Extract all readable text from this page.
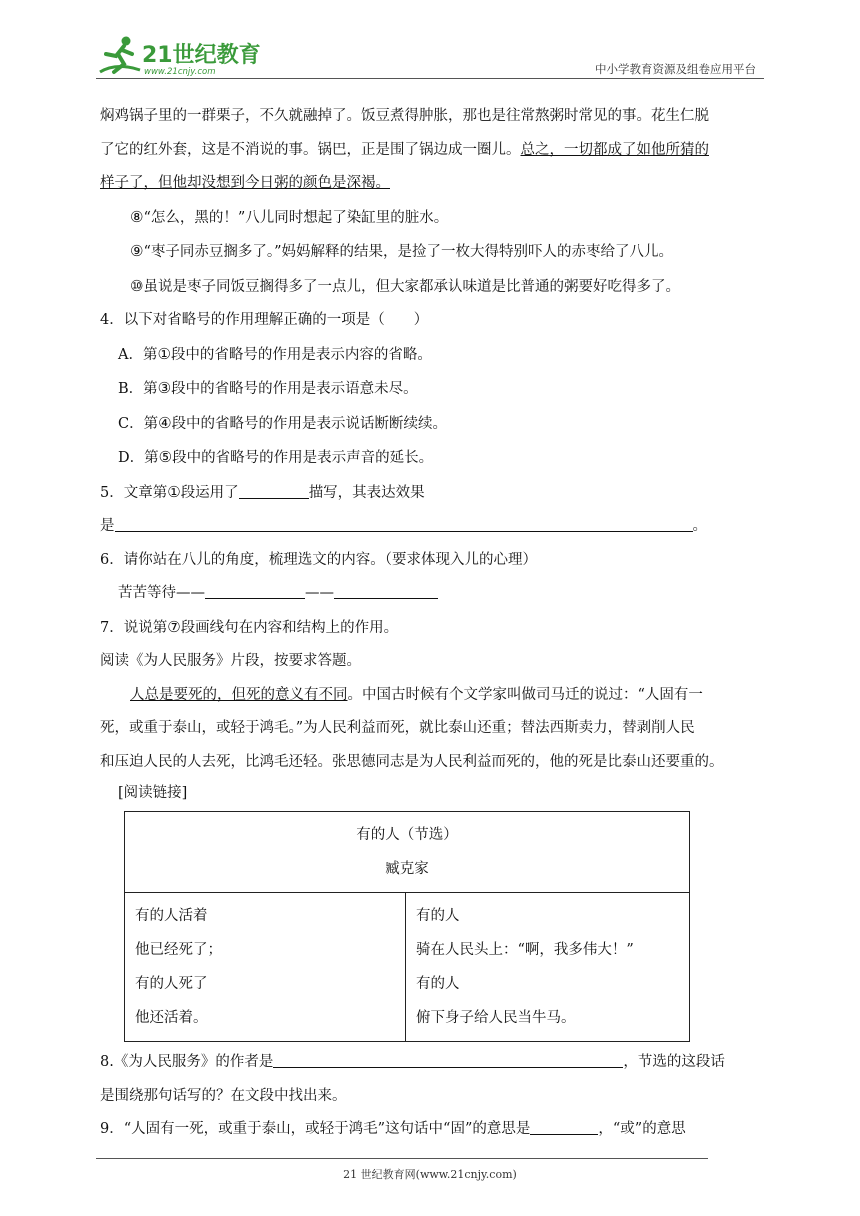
21世纪教育
www.21cnjy.com	中小学教育资源及组卷应用平台

焖鸡锅子里的一群栗子，不久就融掉了。饭豆煮得肿胀，那也是往常熬粥时常见的事。花生仁脱

了它的红外套，这是不消说的事。锅巴，正是围了锅边成一圈儿。总之，一切都成了如他所猜的

样子了，但他却没想到今日粥的颜色是深褐。

⑧“怎么，黑的！”八儿同时想起了染缸里的脏水。

⑨“枣子同赤豆搁多了。”妈妈解释的结果，是捡了一枚大得特别吓人的赤枣给了八儿。

⑩虽说是枣子同饭豆搁得多了一点儿，但大家都承认味道是比普通的粥要好吃得多了。

4．以下对省略号的作用理解正确的一项是（　　）

A．第①段中的省略号的作用是表示内容的省略。

B．第③段中的省略号的作用是表示语意未尽。

C．第④段中的省略号的作用是表示说话断断续续。

D．第⑤段中的省略号的作用是表示声音的延长。

5．文章第①段运用了	描写，其表达效果

是	。

6．请你站在八儿的角度，梳理选文的内容。（要求体现入儿的心理）

苦苦等待——	——

7．说说第⑦段画线句在内容和结构上的作用。

阅读《为人民服务》片段，按要求答题。

人总是要死的，但死的意义有不同。中国古时候有个文学家叫做司马迁的说过：“人固有一

死，或重于泰山，或轻于鸿毛。”为人民利益而死，就比泰山还重；替法西斯卖力，替剥削人民

和压迫人民的人去死，比鸿毛还轻。张思德同志是为人民利益而死的，他的死是比泰山还要重的。

[阅读链接]

有的人（节选）
臧克家

有的人活着
他已经死了；
有的人死了
他还活着。

有的人
骑在人民头上：“啊，我多伟大！”
有的人
俯下身子给人民当牛马。

8.《为人民服务》的作者是	，节选的这段话

是围绕那句话写的？在文段中找出来。

9．“人固有一死，或重于泰山，或轻于鸿毛”这句话中“固”的意思是	，“或”的意思

21 世纪教育网(www.21cnjy.com)
